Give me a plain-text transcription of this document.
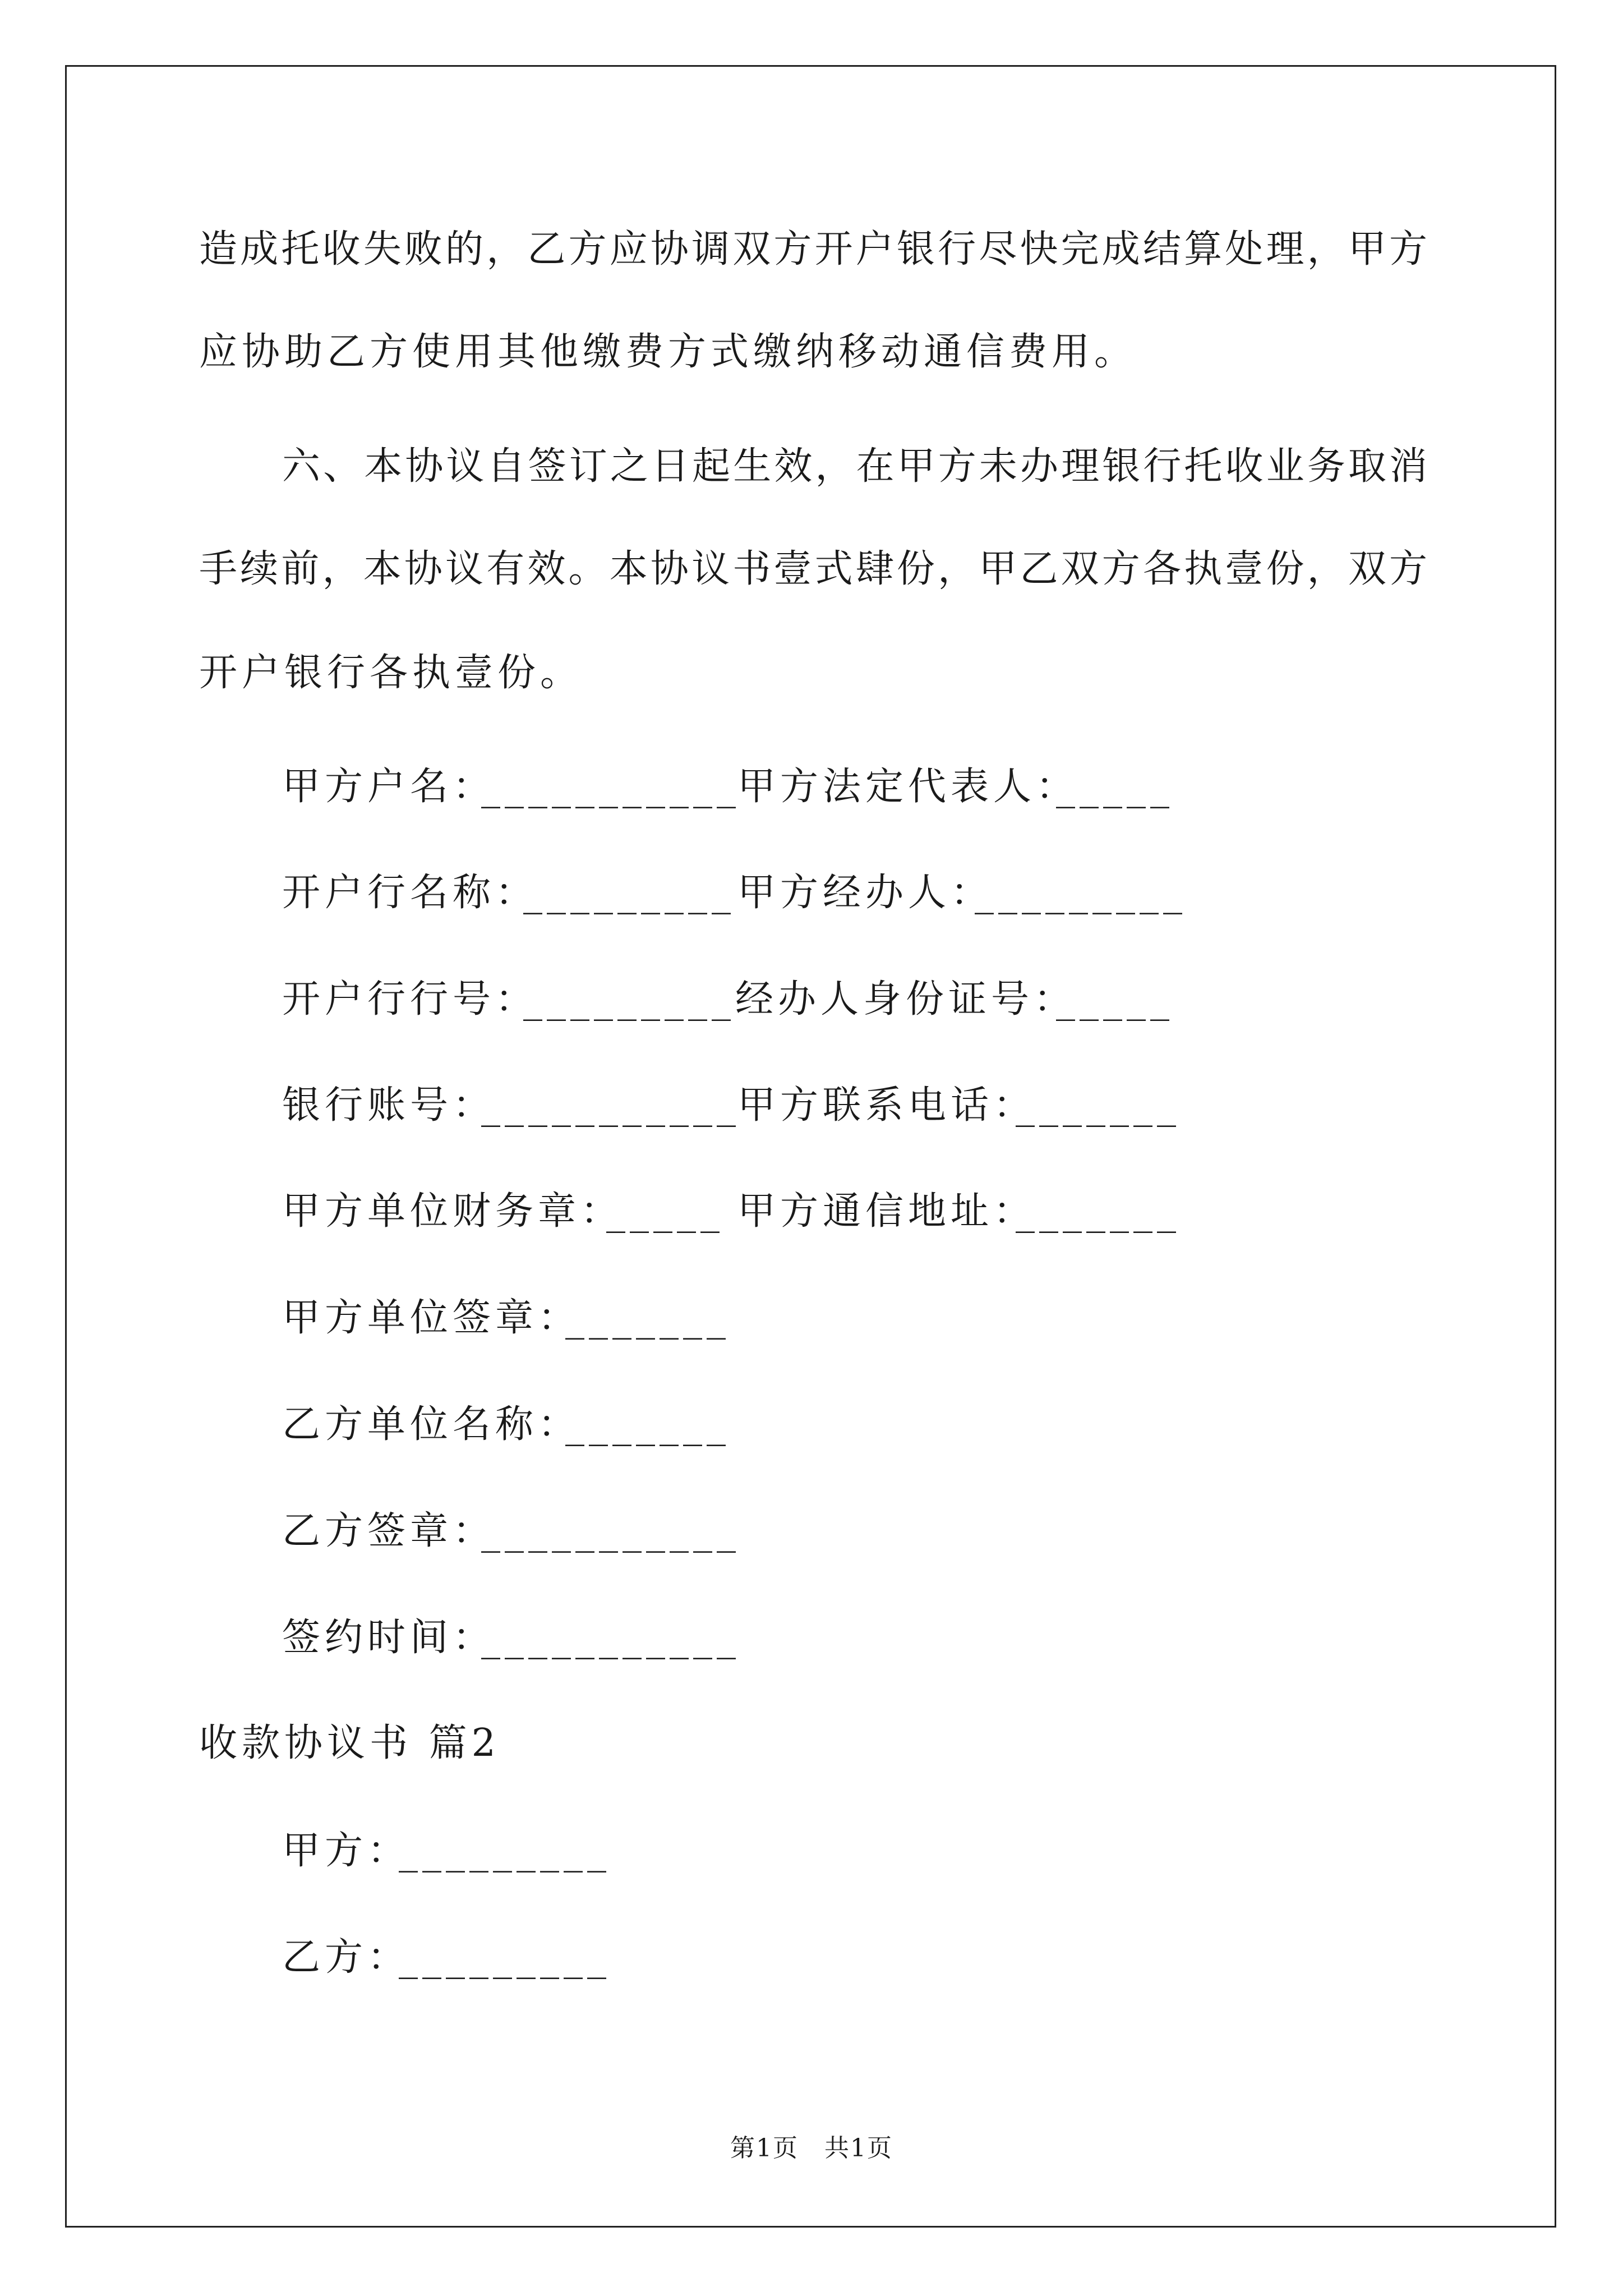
造成托收失败的，乙方应协调双方开户银行尽快完成结算处理，甲方
应协助乙方使用其他缴费方式缴纳移动通信费用。
六、本协议自签订之日起生效，在甲方未办理银行托收业务取消
手续前，本协议有效。本协议书壹式肆份，甲乙双方各执壹份，双方
开户银行各执壹份。
甲方户名：
___________
甲方法定代表人：
_____
开户行名称：
_________ 甲方经办人：
_________
开户行行号：
_________ 经办人身份证号：
_____
银行账号：
___________
甲方联系电话：
_______
甲方单位财务章：
_____ 甲方通信地址：
_______
甲方单位签章：
_______
乙方单位名称：
_______
乙方签章：
___________
签约时间：
___________
收款协议书 篇2
甲方：
_________
乙方：
_________
第1页　共1页
